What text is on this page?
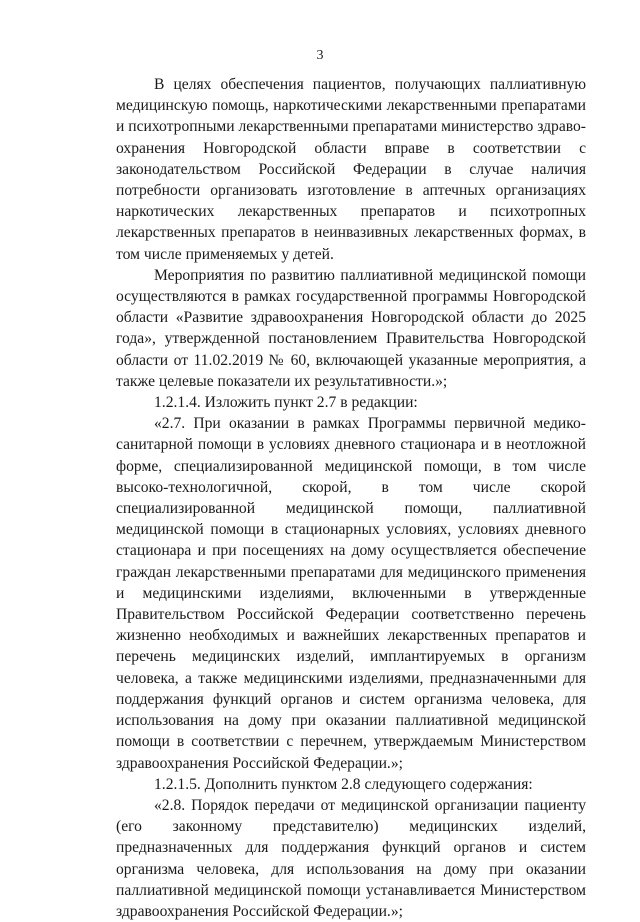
3

В целях обеспечения пациентов, получающих паллиативную медицинскую помощь, наркотическими лекарственными препаратами и психотропными лекарственными препаратами министерство здраво-охранения Новгородской области вправе в соответствии с законодательством Российской Федерации в случае наличия потребности организовать изготовление в аптечных организациях наркотических лекарственных препаратов и психотропных лекарственных препаратов в неинвазивных лекарственных формах, в том числе применяемых у детей.

Мероприятия по развитию паллиативной медицинской помощи осуществляются в рамках государственной программы Новгородской области «Развитие здравоохранения Новгородской области до 2025 года», утвержденной постановлением Правительства Новгородской области от 11.02.2019 № 60, включающей указанные мероприятия, а также целевые показатели их результативности.»;

1.2.1.4. Изложить пункт 2.7 в редакции:

«2.7. При оказании в рамках Программы первичной медико-санитарной помощи в условиях дневного стационара и в неотложной форме, специализированной медицинской помощи, в том числе высоко-технологичной, скорой, в том числе скорой специализированной медицинской помощи, паллиативной медицинской помощи в стационарных условиях, условиях дневного стационара и при посещениях на дому осуществляется обеспечение граждан лекарственными препаратами для медицинского применения и медицинскими изделиями, включенными в утвержденные Правительством Российской Федерации соответственно перечень жизненно необходимых и важнейших лекарственных препаратов и перечень медицинских изделий, имплантируемых в организм человека, а также медицинскими изделиями, предназначенными для поддержания функций органов и систем организма человека, для использования на дому при оказании паллиативной медицинской помощи в соответствии с перечнем, утверждаемым Министерством здравоохранения Российской Федерации.»;

1.2.1.5. Дополнить пунктом 2.8 следующего содержания:

«2.8. Порядок передачи от медицинской организации пациенту (его законному представителю) медицинских изделий, предназначенных для поддержания функций органов и систем организма человека, для использования на дому при оказании паллиативной медицинской помощи устанавливается Министерством здравоохранения Российской Федерации.»;
